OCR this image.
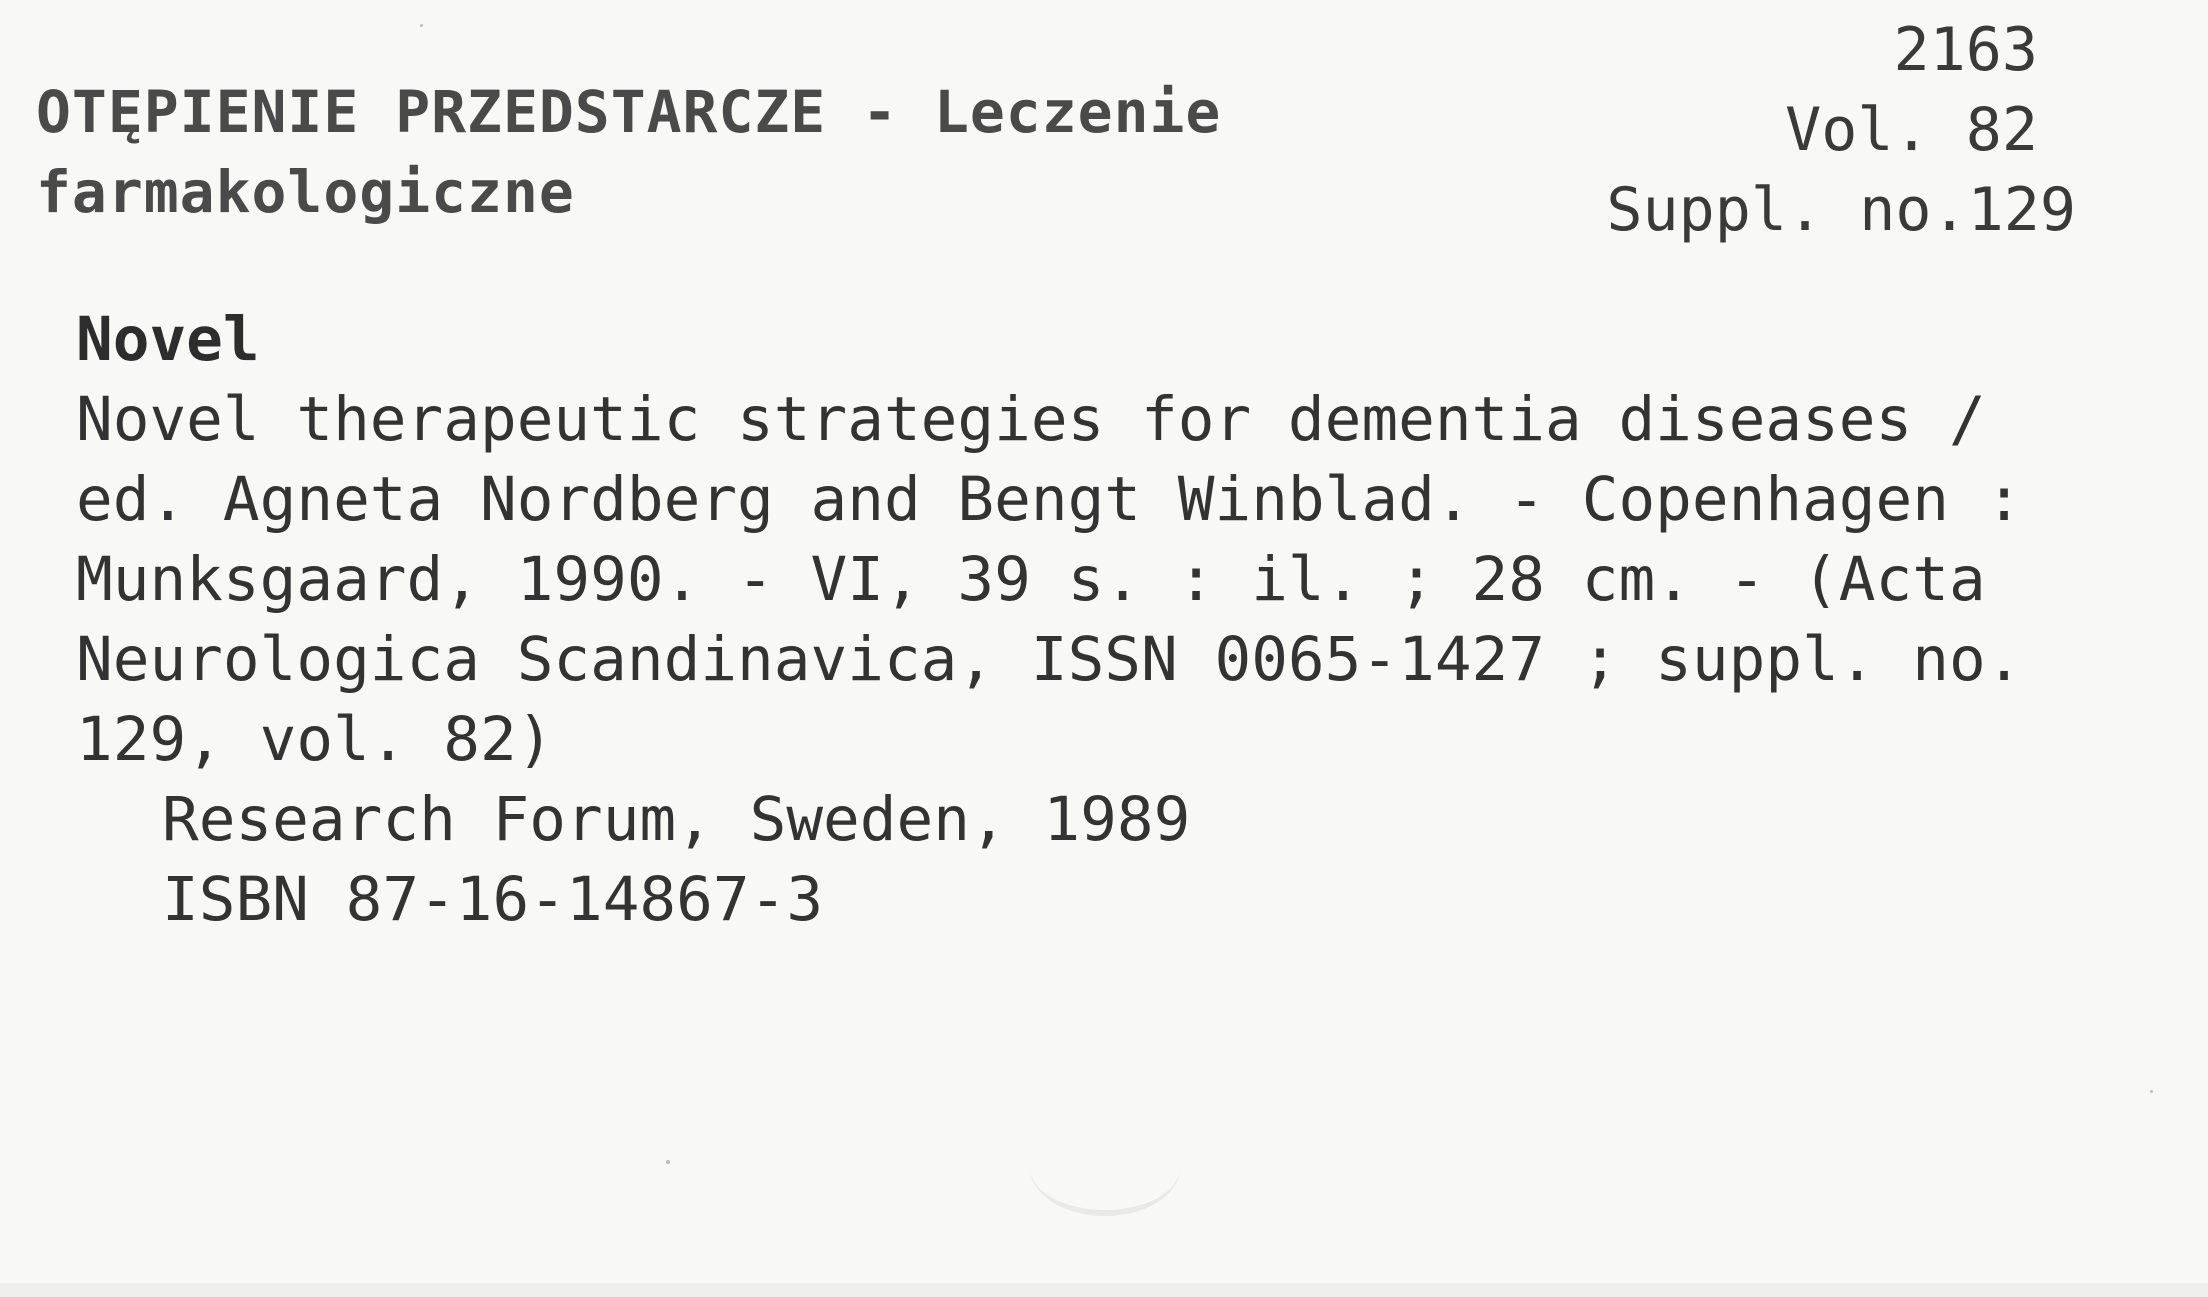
OTĘPIENIE PRZEDSTARCZE - Leczenie
farmakologiczne
2163
Vol. 82
Suppl. no.129
Novel
Novel therapeutic strategies for dementia diseases /
ed. Agneta Nordberg and Bengt Winblad. - Copenhagen :
Munksgaard, 1990. - VI, 39 s. : il. ; 28 cm. - (Acta
Neurologica Scandinavica, ISSN 0065-1427 ; suppl. no.
129, vol. 82)
Research Forum, Sweden, 1989
ISBN 87-16-14867-3
